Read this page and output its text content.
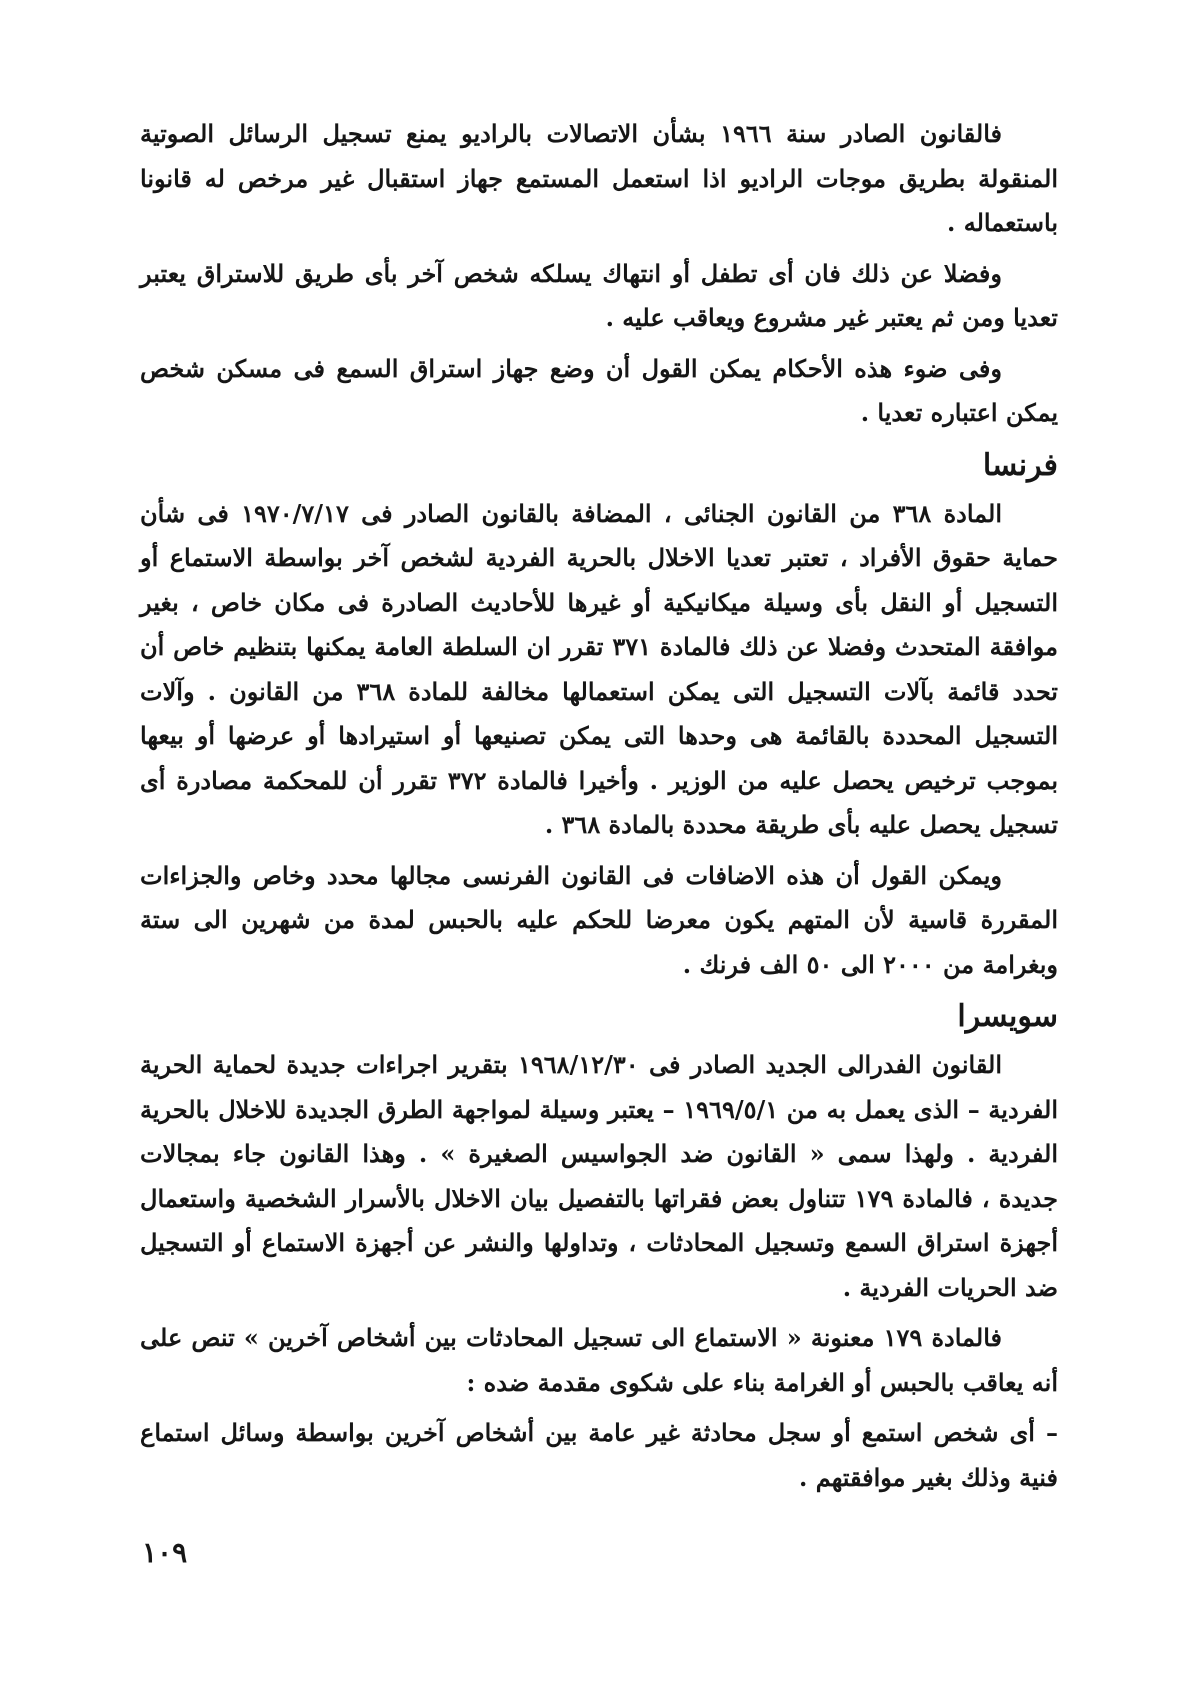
فالقانون الصادر سنة ١٩٦٦ بشأن الاتصالات بالراديو يمنع تسجيل الرسائل الصوتية المنقولة بطريق موجات الراديو اذا استعمل المستمع جهاز استقبال غير مرخص له قانونا باستعماله .

وفضلا عن ذلك فان أى تطفل أو انتهاك يسلكه شخص آخر بأى طريق للاستراق يعتبر تعديا ومن ثم يعتبر غير مشروع ويعاقب عليه .

وفى ضوء هذه الأحكام يمكن القول أن وضع جهاز استراق السمع فى مسكن شخص يمكن اعتباره تعديا .

فرنسا

المادة ٣٦٨ من القانون الجنائى ، المضافة بالقانون الصادر فى ١٩٧٠/٧/١٧ فى شأن حماية حقوق الأفراد ، تعتبر تعديا الاخلال بالحرية الفردية لشخص آخر بواسطة الاستماع أو التسجيل أو النقل بأى وسيلة ميكانيكية أو غيرها للأحاديث الصادرة فى مكان خاص ، بغير موافقة المتحدث وفضلا عن ذلك فالمادة ٣٧١ تقرر ان السلطة العامة يمكنها بتنظيم خاص أن تحدد قائمة بآلات التسجيل التى يمكن استعمالها مخالفة للمادة ٣٦٨ من القانون . وآلات التسجيل المحددة بالقائمة هى وحدها التى يمكن تصنيعها أو استيرادها أو عرضها أو بيعها بموجب ترخيص يحصل عليه من الوزير . وأخيرا فالمادة ٣٧٢ تقرر أن للمحكمة مصادرة أى تسجيل يحصل عليه بأى طريقة محددة بالمادة ٣٦٨ .

ويمكن القول أن هذه الاضافات فى القانون الفرنسى مجالها محدد وخاص والجزاءات المقررة قاسية لأن المتهم يكون معرضا للحكم عليه بالحبس لمدة من شهرين الى ستة وبغرامة من ٢٠٠٠ الى ٥٠ الف فرنك .

سويسرا

القانون الفدرالى الجديد الصادر فى ١٩٦٨/١٢/٣٠ بتقرير اجراءات جديدة لحماية الحرية الفردية – الذى يعمل به من ١٩٦٩/٥/١ – يعتبر وسيلة لمواجهة الطرق الجديدة للاخلال بالحرية الفردية . ولهذا سمى « القانون ضد الجواسيس الصغيرة » . وهذا القانون جاء بمجالات جديدة ، فالمادة ١٧٩ تتناول بعض فقراتها بالتفصيل بيان الاخلال بالأسرار الشخصية واستعمال أجهزة استراق السمع وتسجيل المحادثات ، وتداولها والنشر عن أجهزة الاستماع أو التسجيل ضد الحريات الفردية .

فالمادة ١٧٩ معنونة « الاستماع الى تسجيل المحادثات بين أشخاص آخرين » تنص على أنه يعاقب بالحبس أو الغرامة بناء على شكوى مقدمة ضده :

– أى شخص استمع أو سجل محادثة غير عامة بين أشخاص آخرين بواسطة وسائل استماع فنية وذلك بغير موافقتهم .

١٠٩
